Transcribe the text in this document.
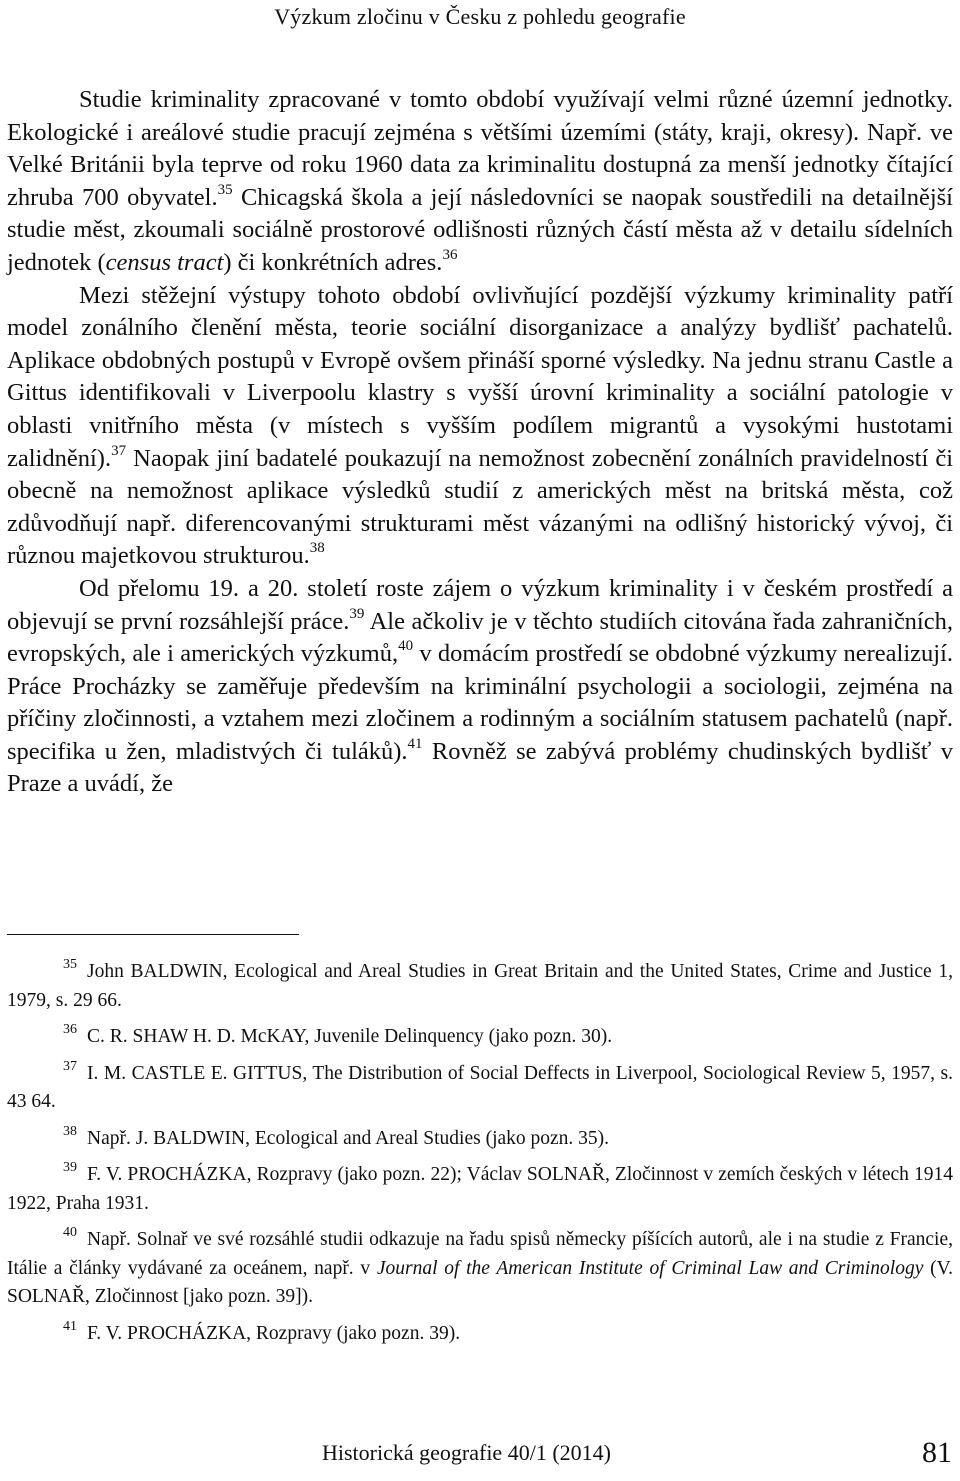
Výzkum zločinu v Česku z pohledu geografie

Studie kriminality zpracované v tomto období využívají velmi různé územní jednotky. Ekologické i areálové studie pracují zejména s většími územími (státy, kraji, okresy). Např. ve Velké Británii byla teprve od roku 1960 data za kriminalitu dostupná za menší jednotky čítající zhruba 700 obyvatel.$^{35}$ Chicagská škola a její následovníci se naopak soustředili na detailnější studie měst, zkoumali sociálně prostorové odlišnosti různých částí města až v detailu sídelních jednotek (census tract) či konkrétních adres.$^{36}$

Mezi stěžejní výstupy tohoto období ovlivňující pozdější výzkumy kriminality patří model zonálního členění města, teorie sociální disorganizace a analýzy bydlišť pachatelů. Aplikace obdobných postupů v Evropě ovšem přináší sporné výsledky. Na jednu stranu Castle a Gittus identifikovali v Liverpoolu klastry s vyšší úrovní kriminality a sociální patologie v oblasti vnitřního města (v místech s vyšším podílem migrantů a vysokými hustotami zalidnění).$^{37}$ Naopak jiní badatelé poukazují na nemožnost zobecnění zonálních pravidelností či obecně na nemožnost aplikace výsledků studií z amerických měst na britská města, což zdůvodňují např. diferencovanými strukturami měst vázanými na odlišný historický vývoj, či různou majetkovou strukturou.$^{38}$

Od přelomu 19. a 20. století roste zájem o výzkum kriminality i v českém prostředí a objevují se první rozsáhlejší práce.$^{39}$ Ale ačkoliv je v těchto studiích citována řada zahraničních, evropských, ale i amerických výzkumů,$^{40}$ v domácím prostředí se obdobné výzkumy nerealizují. Práce Procházky se zaměřuje především na kriminální psychologii a sociologii, zejména na příčiny zločinnosti, a vztahem mezi zločinem a rodinným a sociálním statusem pachatelů (např. specifika u žen, mladistvých či tuláků).$^{41}$ Rovněž se zabývá problémy chudinských bydlišť v Praze a uvádí, že

$^{35}$ John BALDWIN, Ecological and Areal Studies in Great Britain and the United States, Crime and Justice 1, 1979, s. 29 66.

$^{36}$ C. R. SHAW H. D. McKAY, Juvenile Delinquency (jako pozn. 30).

$^{37}$ I. M. CASTLE E. GITTUS, The Distribution of Social Deffects in Liverpool, Sociological Review 5, 1957, s. 43 64.

$^{38}$ Např. J. BALDWIN, Ecological and Areal Studies (jako pozn. 35).

$^{39}$ F. V. PROCHÁZKA, Rozpravy (jako pozn. 22); Václav SOLNAŘ, Zločinnost v zemích českých v létech 1914 1922, Praha 1931.

$^{40}$ Např. Solnař ve své rozsáhlé studii odkazuje na řadu spisů německy píšících autorů, ale i na studie z Francie, Itálie a články vydávané za oceánem, např. v Journal of the American Institute of Criminal Law and Criminology (V. SOLNAŘ, Zločinnost [jako pozn. 39]).

$^{41}$ F. V. PROCHÁZKA, Rozpravy (jako pozn. 39).

Historická geografie 40/1 (2014)	81
